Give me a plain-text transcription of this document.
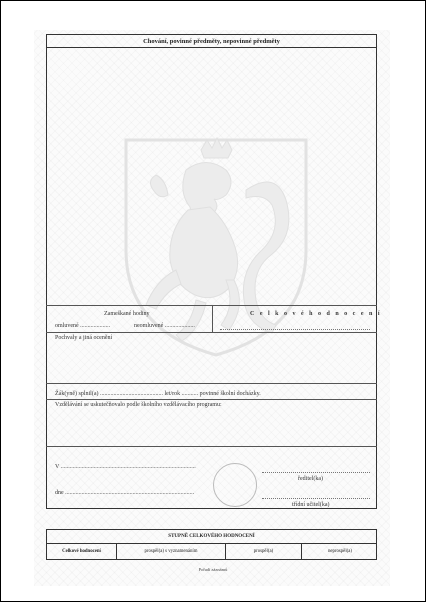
Chování, povinné předměty, nepovinné předměty
Zameškané hodiny	C e l k o v é h o d n o c e n í
omluvené ....................	neomluvené ....................
Pochvaly a jiná ocenění
Žák(yně) splnil(a) .......................................... let/rok ........... povinné školní docházky.
Vzdělávání se uskutečňovalo podle školního vzdělávacího programu:
V ..........................................................................................
dne ......................................................................................
ředitel(ka)
třídní učitel(ka)
STUPNĚ CELKOVÉHO HODNOCENÍ
Celkové hodnocení	prospěl(a) s vyznamenáním	prospěl(a)	neprospěl(a)
Pořadí záznámů
